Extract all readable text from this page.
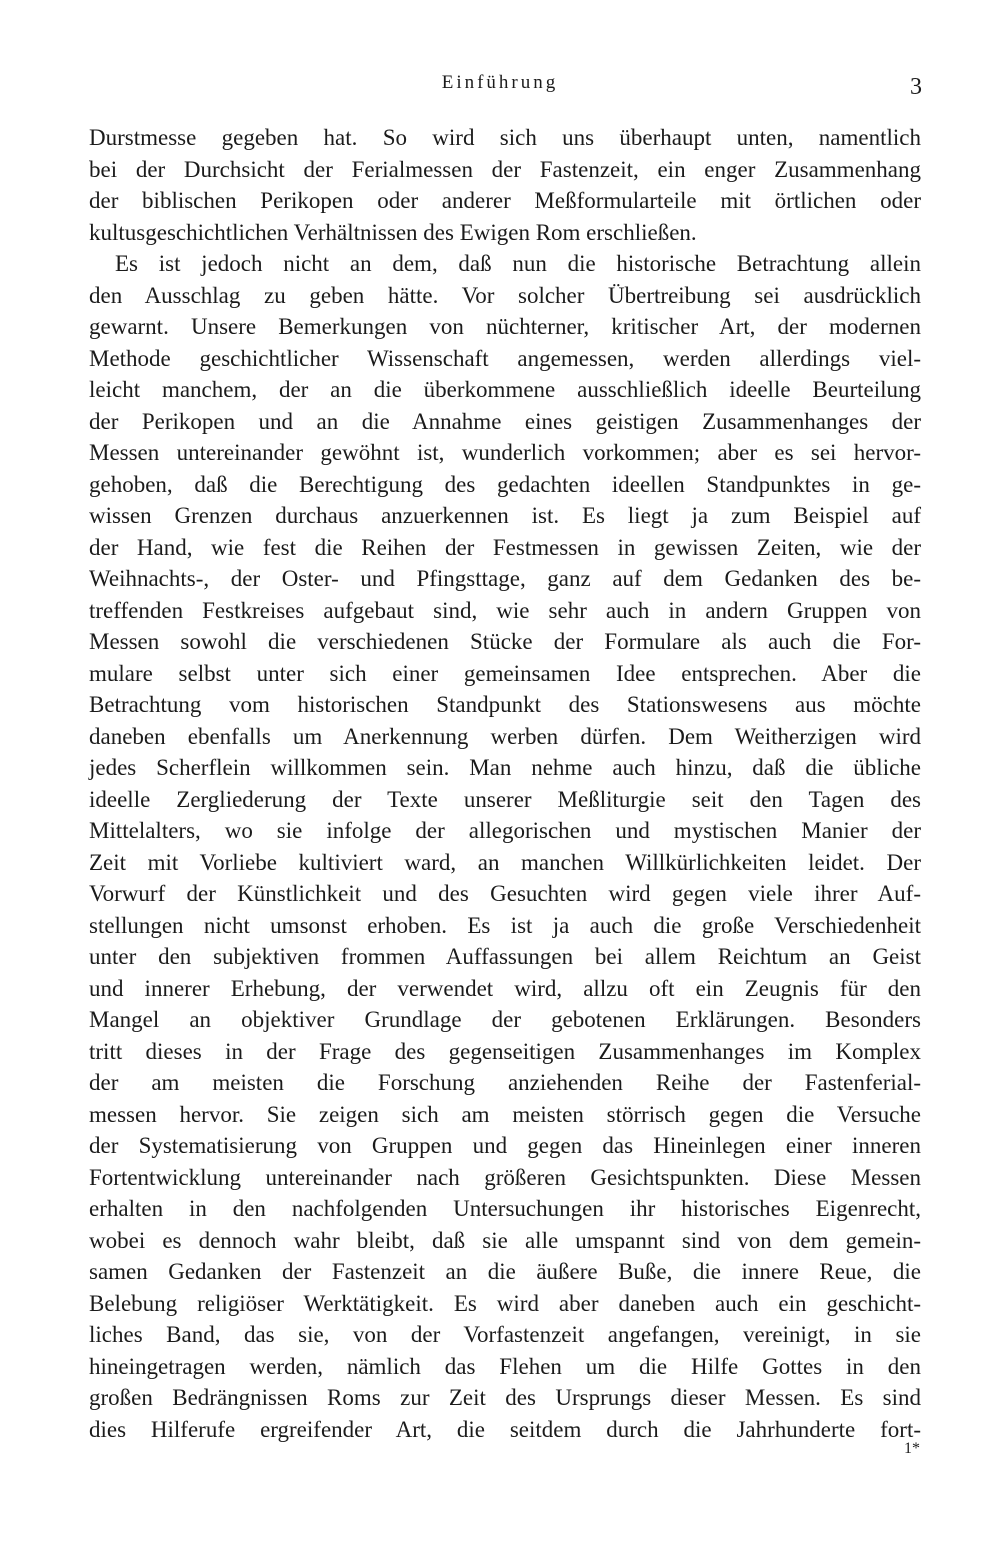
Einführung	3
Durstmesse gegeben hat. So wird sich uns überhaupt unten, namentlich
bei der Durchsicht der Ferialmessen der Fastenzeit, ein enger Zusammenhang
der biblischen Perikopen oder anderer Meßformularteile mit örtlichen oder
kultusgeschichtlichen Verhältnissen des Ewigen Rom erschließen.
Es ist jedoch nicht an dem, daß nun die historische Betrachtung allein
den Ausschlag zu geben hätte. Vor solcher Übertreibung sei ausdrücklich
gewarnt. Unsere Bemerkungen von nüchterner, kritischer Art, der modernen
Methode geschichtlicher Wissenschaft angemessen, werden allerdings viel-
leicht manchem, der an die überkommene ausschließlich ideelle Beurteilung
der Perikopen und an die Annahme eines geistigen Zusammenhanges der
Messen untereinander gewöhnt ist, wunderlich vorkommen; aber es sei hervor-
gehoben, daß die Berechtigung des gedachten ideellen Standpunktes in ge-
wissen Grenzen durchaus anzuerkennen ist. Es liegt ja zum Beispiel auf
der Hand, wie fest die Reihen der Festmessen in gewissen Zeiten, wie der
Weihnachts-, der Oster- und Pfingsttage, ganz auf dem Gedanken des be-
treffenden Festkreises aufgebaut sind, wie sehr auch in andern Gruppen von
Messen sowohl die verschiedenen Stücke der Formulare als auch die For-
mulare selbst unter sich einer gemeinsamen Idee entsprechen. Aber die
Betrachtung vom historischen Standpunkt des Stationswesens aus möchte
daneben ebenfalls um Anerkennung werben dürfen. Dem Weitherzigen wird
jedes Scherflein willkommen sein. Man nehme auch hinzu, daß die übliche
ideelle Zergliederung der Texte unserer Meßliturgie seit den Tagen des
Mittelalters, wo sie infolge der allegorischen und mystischen Manier der
Zeit mit Vorliebe kultiviert ward, an manchen Willkürlichkeiten leidet. Der
Vorwurf der Künstlichkeit und des Gesuchten wird gegen viele ihrer Auf-
stellungen nicht umsonst erhoben. Es ist ja auch die große Verschiedenheit
unter den subjektiven frommen Auffassungen bei allem Reichtum an Geist
und innerer Erhebung, der verwendet wird, allzu oft ein Zeugnis für den
Mangel an objektiver Grundlage der gebotenen Erklärungen. Besonders
tritt dieses in der Frage des gegenseitigen Zusammenhanges im Komplex
der am meisten die Forschung anziehenden Reihe der Fastenferial-
messen hervor. Sie zeigen sich am meisten störrisch gegen die Versuche
der Systematisierung von Gruppen und gegen das Hineinlegen einer inneren
Fortentwicklung untereinander nach größeren Gesichtspunkten. Diese Messen
erhalten in den nachfolgenden Untersuchungen ihr historisches Eigenrecht,
wobei es dennoch wahr bleibt, daß sie alle umspannt sind von dem gemein-
samen Gedanken der Fastenzeit an die äußere Buße, die innere Reue, die
Belebung religiöser Werktätigkeit. Es wird aber daneben auch ein geschicht-
liches Band, das sie, von der Vorfastenzeit angefangen, vereinigt, in sie
hineingetragen werden, nämlich das Flehen um die Hilfe Gottes in den
großen Bedrängnissen Roms zur Zeit des Ursprungs dieser Messen. Es sind
dies Hilferufe ergreifender Art, die seitdem durch die Jahrhunderte fort-
1*
